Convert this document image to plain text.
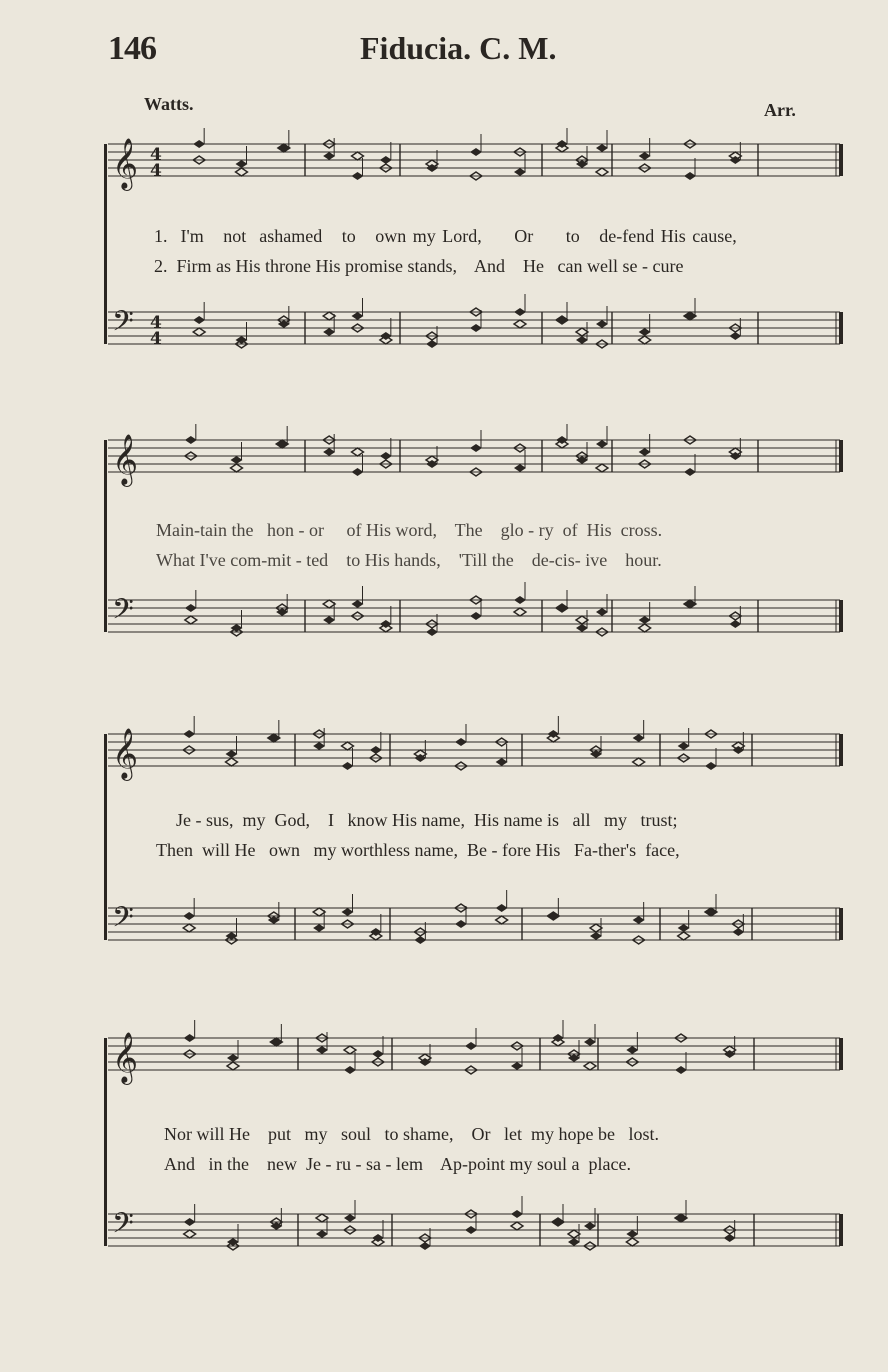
146	Fiducia. C. M.
Watts.	Arr.
𝄞 4
4
𝄢 4
4
1. I'm not ashamed to own my Lord, Or to de-fend His cause,
2. Firm as His throne His promise stands, And He can well se - cure
𝄞
𝄢
Main-tain the hon - or of His word, The glo - ry of His cross.
What I've com-mit - ted to His hands, 'Till the de-cis- ive hour.
𝄞
𝄢
Je - sus, my God, I know His name, His name is all my trust;
Then will He own my worthless name, Be - fore His Fa-ther's face,
𝄞
𝄢
Nor will He put my soul to shame, Or let my hope be lost.
And in the new Je - ru - sa - lem Ap-point my soul a place.
